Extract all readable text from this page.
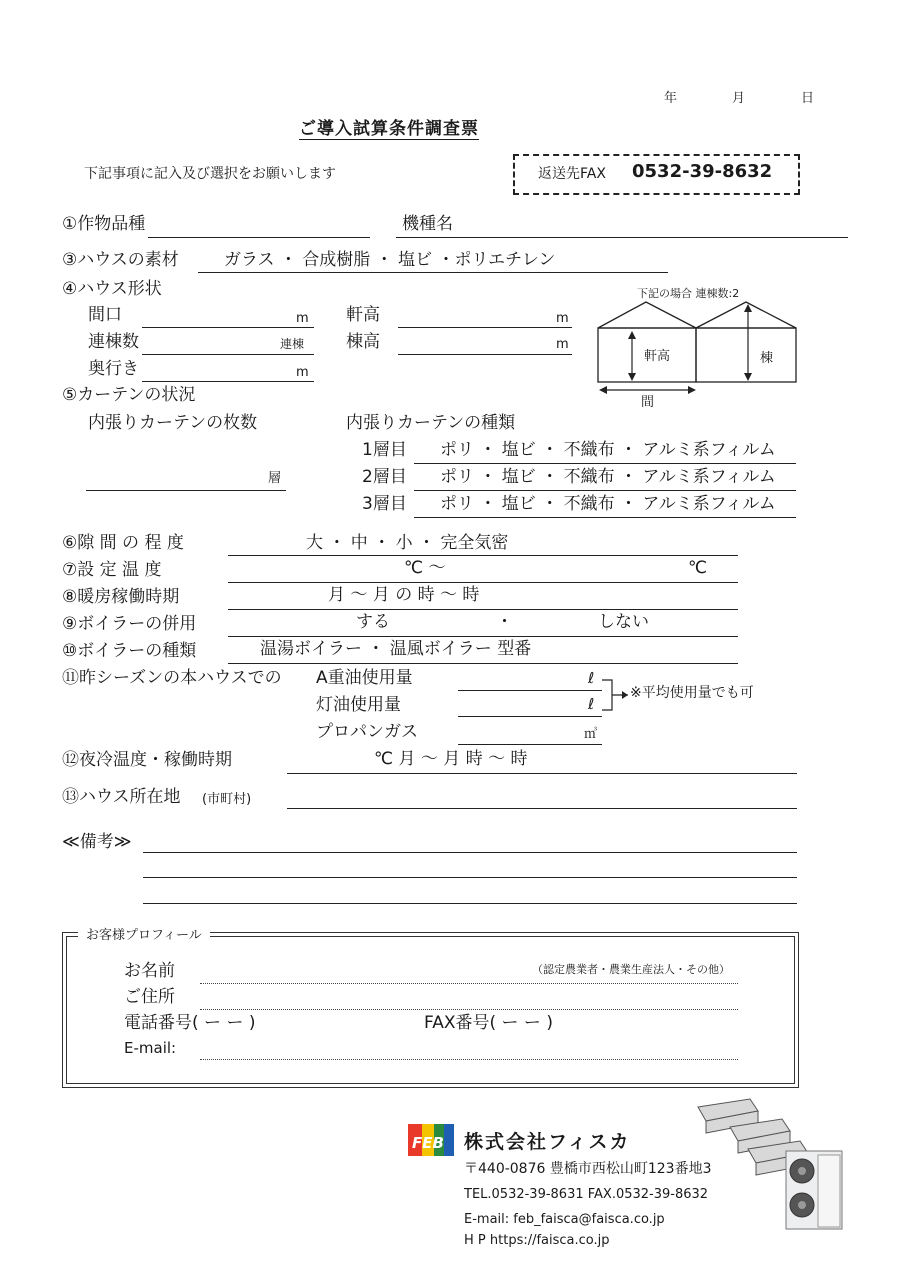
年	月	日
ご導入試算条件調査票
下記事項に記入及び選択をお願いします	返送先FAX 0532-39-8632
①作物品種	機種名
③ハウスの素材	ガラス ・ 合成樹脂 ・ 塩ビ ・ポリエチレン
④ハウス形状
間口	m 軒高	m
連棟数	連棟 棟高	m
奥行き	m
下記の場合 連棟数:2
軒高	棟
間
⑤カーテンの状況
内張りカーテンの枚数	内張りカーテンの種類
層
1層目 ポリ ・ 塩ビ ・ 不織布 ・ アルミ系フィルム
2層目 ポリ ・ 塩ビ ・ 不織布 ・ アルミ系フィルム
3層目 ポリ ・ 塩ビ ・ 不織布 ・ アルミ系フィルム
⑥隙 間 の 程 度	大 ・ 中 ・ 小 ・ 完全気密
⑦設 定 温 度	℃ ～	℃
⑧暖房稼働時期	月 ～ 月 の 時 ～ 時
⑨ボイラーの併用	する	・	しない
⑩ボイラーの種類	温湯ボイラー ・ 温風ボイラー 型番
⑪昨シーズンの本ハウスでの A重油使用量	ℓ
灯油使用量	ℓ
※平均使用量でも可
プロパンガス	㎥
⑫夜冷温度・稼働時期	℃ 月 ～ 月 時 ～ 時
⑬ハウス所在地 (市町村)
≪備考≫
お客様プロフィール
お名前	（認定農業者・農業生産法人・その他）
ご住所
電話番号( ー ー )	FAX番号( ー ー )
E-mail:
FEB 株式会社フィスカ
〒440-0876 豊橋市西松山町123番地3
TEL.0532-39-8631 FAX.0532-39-8632
E-mail: feb_faisca@faisca.co.jp
H P https://faisca.co.jp
